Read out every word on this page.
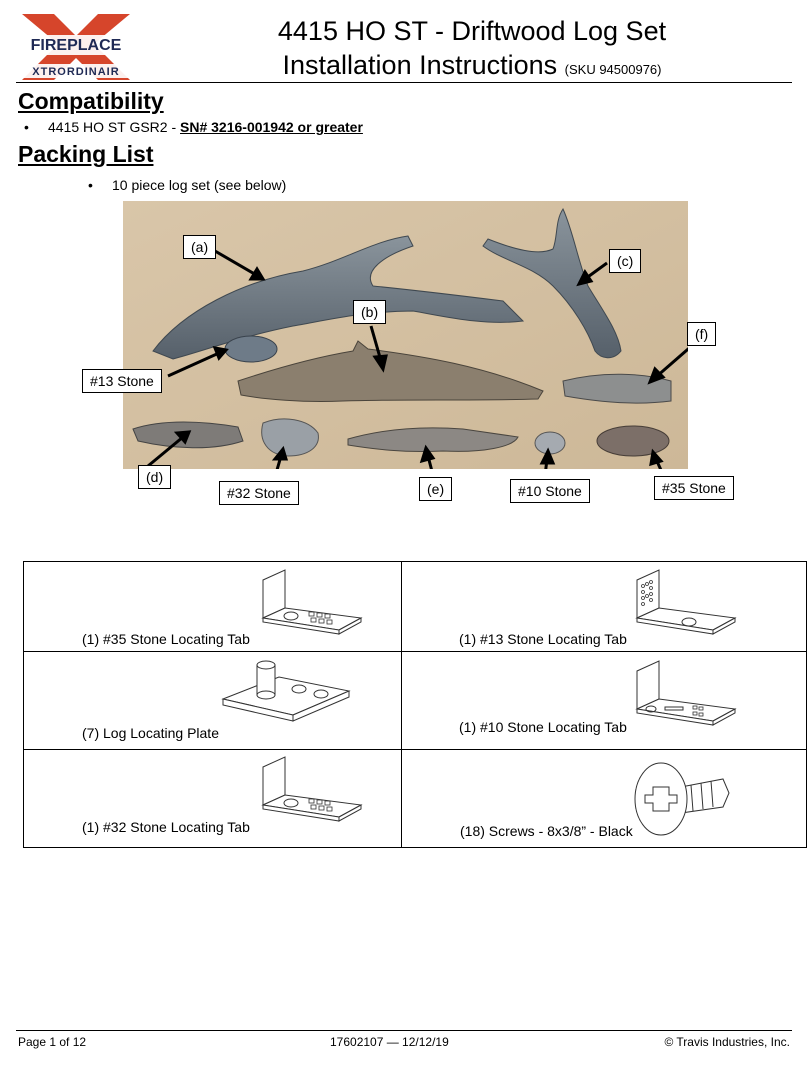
FIREPLACE
XTRORDINAIR
4415 HO ST - Driftwood Log Set
Installation Instructions (SKU 94500976)
Compatibility
• 4415 HO ST GSR2 - SN# 3216-001942 or greater
Packing List
• 10 piece log set (see below)
(a)
(b)
(c)
(f)
#13 Stone
(d)
#32 Stone	(e)	#10 Stone	#35 Stone
(1) #35 Stone Locating Tab	(1) #13 Stone Locating Tab
(7) Log Locating Plate	(1) #10 Stone Locating Tab
(1) #32 Stone Locating Tab	(18) Screws - 8x3/8” - Black
Page 1 of 12	17602107 — 12/12/19	© Travis Industries, Inc.
